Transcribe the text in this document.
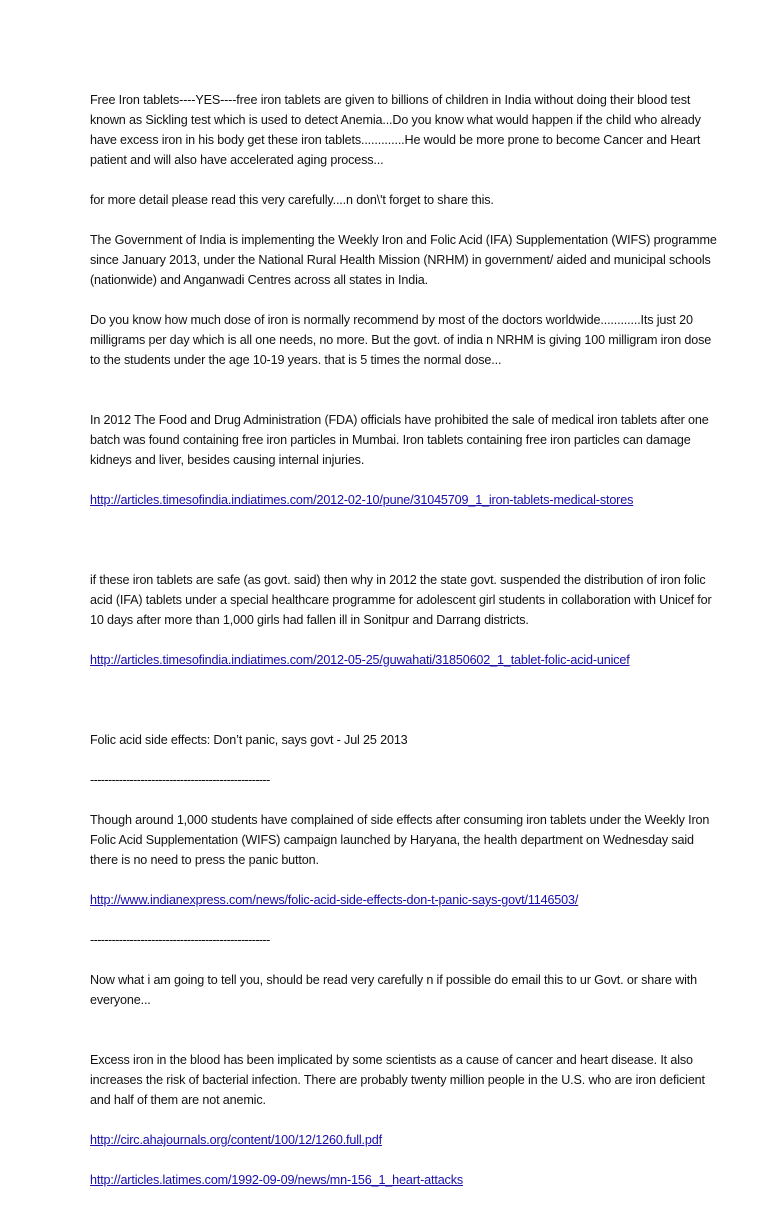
Free Iron tablets----YES----free iron tablets are given to billions of children in India without doing their blood test known as Sickling test which is used to detect Anemia...Do you know what would happen if the child who already have excess iron in his body get these iron tablets.............He would be more prone to become Cancer and Heart patient and will also have accelerated aging process...

for more detail please read this very carefully....n don\'t forget to share this.

The Government of India is implementing the Weekly Iron and Folic Acid (IFA) Supplementation (WIFS) programme since January 2013, under the National Rural Health Mission (NRHM) in government/ aided and municipal schools (nationwide) and Anganwadi Centres across all states in India.

Do you know how much dose of iron is normally recommend by most of the doctors worldwide............Its just 20 milligrams per day which is all one needs, no more. But the govt. of india n NRHM is giving 100 milligram iron dose to the students under the age 10-19 years. that is 5 times the normal dose...

In 2012 The Food and Drug Administration (FDA) officials have prohibited the sale of medical iron tablets after one batch was found containing free iron particles in Mumbai. Iron tablets containing free iron particles can damage kidneys and liver, besides causing internal injuries.

http://articles.timesofindia.indiatimes.com/2012-02-10/pune/31045709_1_iron-tablets-medical-stores

if these iron tablets are safe (as govt. said) then why in 2012 the state govt. suspended the distribution of iron folic acid (IFA) tablets under a special healthcare programme for adolescent girl students in collaboration with Unicef for 10 days after more than 1,000 girls had fallen ill in Sonitpur and Darrang districts.

http://articles.timesofindia.indiatimes.com/2012-05-25/guwahati/31850602_1_tablet-folic-acid-unicef

Folic acid side effects: Don’t panic, says govt - Jul 25 2013

--------------------------------------------------

Though around 1,000 students have complained of side effects after consuming iron tablets under the Weekly Iron Folic Acid Supplementation (WIFS) campaign launched by Haryana, the health department on Wednesday said there is no need to press the panic button.

http://www.indianexpress.com/news/folic-acid-side-effects-don-t-panic-says-govt/1146503/

--------------------------------------------------

Now what i am going to tell you, should be read very carefully n if possible do email this to ur Govt. or share with everyone...

Excess iron in the blood has been implicated by some scientists as a cause of cancer and heart disease. It also increases the risk of bacterial infection. There are probably twenty million people in the U.S. who are iron deficient and half of them are not anemic.

http://circ.ahajournals.org/content/100/12/1260.full.pdf

http://articles.latimes.com/1992-09-09/news/mn-156_1_heart-attacks
